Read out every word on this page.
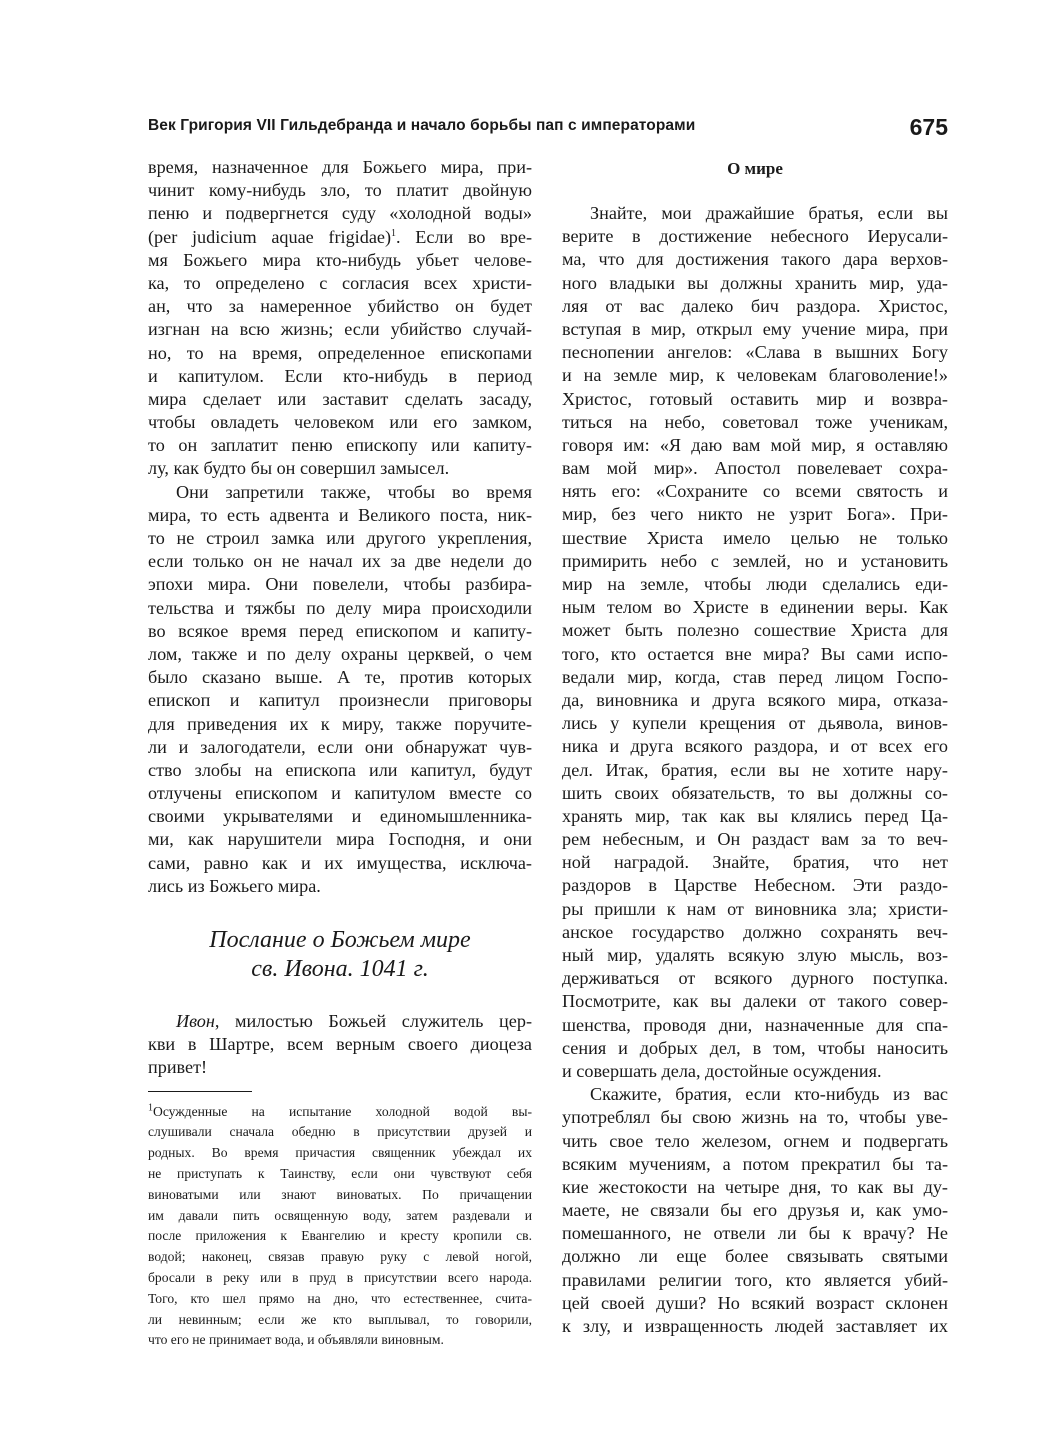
Век Григория VII Гильдебранда и начало борьбы пап с императорами	675
время, назначенное для Божьего мира, при-
чинит кому-нибудь зло, то платит двойную
пеню и подвергнется суду «холодной воды»
(per judicium aquae frigidae)$^1$. Если во вре-
мя Божьего мира кто-нибудь убьет челове-
ка, то определено с согласия всех христи-
ан, что за намеренное убийство он будет
изгнан на всю жизнь; если убийство случай-
но, то на время, определенное епископами
и капитулом. Если кто-нибудь в период
мира сделает или заставит сделать засаду,
чтобы овладеть человеком или его замком,
то он заплатит пеню епископу или капиту-
лу, как будто бы он совершил замысел.
Они запретили также, чтобы во время
мира, то есть адвента и Великого поста, ник-
то не строил замка или другого укрепления,
если только он не начал их за две недели до
эпохи мира. Они повелели, чтобы разбира-
тельства и тяжбы по делу мира происходили
во всякое время перед епископом и капиту-
лом, также и по делу охраны церквей, о чем
было сказано выше. А те, против которых
епископ и капитул произнесли приговоры
для приведения их к миру, также поручите-
ли и залогодатели, если они обнаружат чув-
ство злобы на епископа или капитул, будут
отлучены епископом и капитулом вместе со
своими укрывателями и единомышленника-
ми, как нарушители мира Господня, и они
сами, равно как и их имущества, исключа-
лись из Божьего мира.
Послание о Божьем мире
св. Ивона. 1041 г.
Ивон, милостью Божьей служитель цер-
кви в Шартре, всем верным своего диоцеза
привет!
$^1$Осужденные на испытание холодной водой вы-
слушивали сначала обедню в присутствии друзей и
родных. Во время причастия священник убеждал их
не приступать к Таинству, если они чувствуют себя
виноватыми или знают виноватых. По причащении
им давали пить освященную воду, затем раздевали и
после приложения к Евангелию и кресту кропили св.
водой; наконец, связав правую руку с левой ногой,
бросали в реку или в пруд в присутствии всего народа.
Того, кто шел прямо на дно, что естественнее, счита-
ли невинным; если же кто выплывал, то говорили,
что его не принимает вода, и объявляли виновным.
О мире
Знайте, мои дражайшие братья, если вы
верите в достижение небесного Иерусали-
ма, что для достижения такого дара верхов-
ного владыки вы должны хранить мир, уда-
ляя от вас далеко бич раздора. Христос,
вступая в мир, открыл ему учение мира, при
песнопении ангелов: «Слава в вышних Богу
и на земле мир, к человекам благоволение!»
Христос, готовый оставить мир и возвра-
титься на небо, советовал тоже ученикам,
говоря им: «Я даю вам мой мир, я оставляю
вам мой мир». Апостол повелевает сохра-
нять его: «Сохраните со всеми святость и
мир, без чего никто не узрит Бога». При-
шествие Христа имело целью не только
примирить небо с землей, но и установить
мир на земле, чтобы люди сделались еди-
ным телом во Христе в единении веры. Как
может быть полезно сошествие Христа для
того, кто остается вне мира? Вы сами испо-
ведали мир, когда, став перед лицом Госпо-
да, виновника и друга всякого мира, отказа-
лись у купели крещения от дьявола, винов-
ника и друга всякого раздора, и от всех его
дел. Итак, братия, если вы не хотите нару-
шить своих обязательств, то вы должны со-
хранять мир, так как вы клялись перед Ца-
рем небесным, и Он раздаст вам за то веч-
ной наградой. Знайте, братия, что нет
раздоров в Царстве Небесном. Эти раздо-
ры пришли к нам от виновника зла; христи-
анское государство должно сохранять веч-
ный мир, удалять всякую злую мысль, воз-
держиваться от всякого дурного поступка.
Посмотрите, как вы далеки от такого совер-
шенства, проводя дни, назначенные для спа-
сения и добрых дел, в том, чтобы наносить
и совершать дела, достойные осуждения.
Скажите, братия, если кто-нибудь из вас
употреблял бы свою жизнь на то, чтобы уве-
чить свое тело железом, огнем и подвергать
всяким мучениям, а потом прекратил бы та-
кие жестокости на четыре дня, то как вы ду-
маете, не связали бы его друзья и, как умо-
помешанного, не отвели ли бы к врачу? Не
должно ли еще более связывать святыми
правилами религии того, кто является убий-
цей своей души? Но всякий возраст склонен
к злу, и извращенность людей заставляет их
